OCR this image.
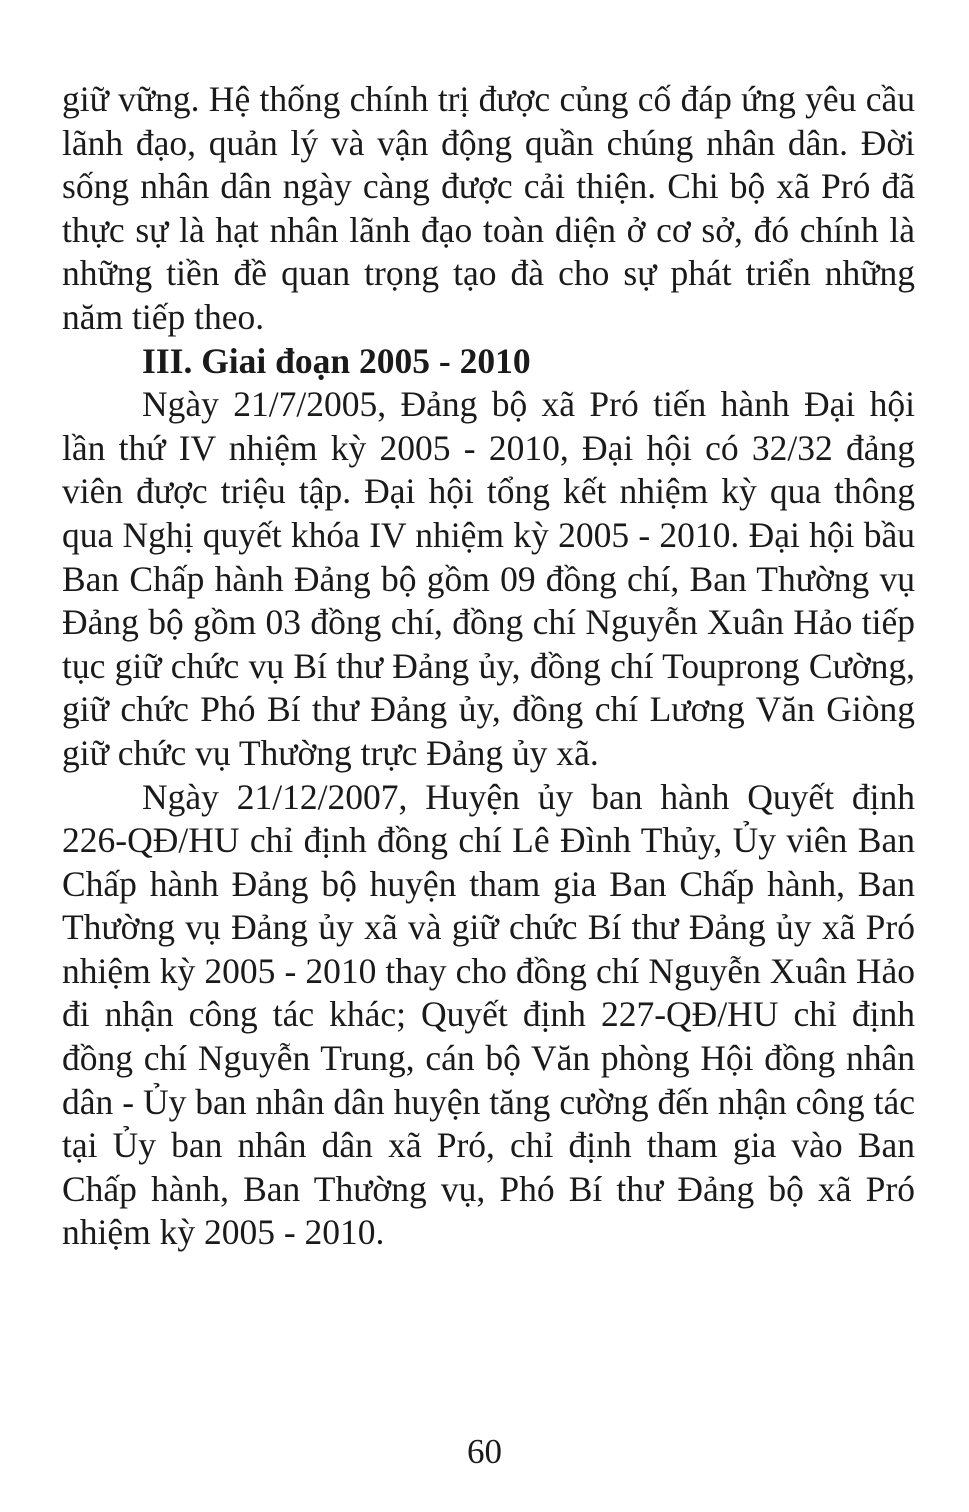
giữ vững. Hệ thống chính trị được củng cố đáp ứng yêu cầu lãnh đạo, quản lý và vận động quần chúng nhân dân. Đời sống nhân dân ngày càng được cải thiện. Chi bộ xã Pró đã thực sự là hạt nhân lãnh đạo toàn diện ở cơ sở, đó chính là những tiền đề quan trọng tạo đà cho sự phát triển những năm tiếp theo.

III. Giai đoạn 2005 - 2010

Ngày 21/7/2005, Đảng bộ xã Pró tiến hành Đại hội lần thứ IV nhiệm kỳ 2005 - 2010, Đại hội có 32/32 đảng viên được triệu tập. Đại hội tổng kết nhiệm kỳ qua thông qua Nghị quyết khóa IV nhiệm kỳ 2005 - 2010. Đại hội bầu Ban Chấp hành Đảng bộ gồm 09 đồng chí, Ban Thường vụ Đảng bộ gồm 03 đồng chí, đồng chí Nguyễn Xuân Hảo tiếp tục giữ chức vụ Bí thư Đảng ủy, đồng chí Touprong Cường, giữ chức Phó Bí thư Đảng ủy, đồng chí Lương Văn Giòng giữ chức vụ Thường trực Đảng ủy xã.

Ngày 21/12/2007, Huyện ủy ban hành Quyết định 226-QĐ/HU chỉ định đồng chí Lê Đình Thủy, Ủy viên Ban Chấp hành Đảng bộ huyện tham gia Ban Chấp hành, Ban Thường vụ Đảng ủy xã và giữ chức Bí thư Đảng ủy xã Pró nhiệm kỳ 2005 - 2010 thay cho đồng chí Nguyễn Xuân Hảo đi nhận công tác khác; Quyết định 227-QĐ/HU chỉ định đồng chí Nguyễn Trung, cán bộ Văn phòng Hội đồng nhân dân - Ủy ban nhân dân huyện tăng cường đến nhận công tác tại Ủy ban nhân dân xã Pró, chỉ định tham gia vào Ban Chấp hành, Ban Thường vụ, Phó Bí thư Đảng bộ xã Pró nhiệm kỳ 2005 - 2010.

60
